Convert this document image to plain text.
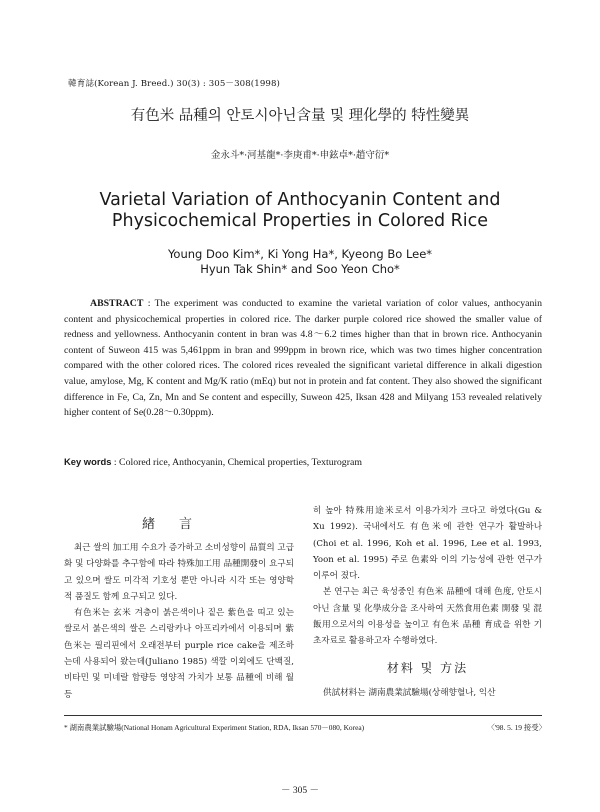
韓育誌(Korean J. Breed.) 30(3) : 305－308(1998)
有色米 品種의 안토시아닌含量 및 理化學的 特性變異
金永斗*·河基龍*·李庚甫*·申鉉卓*·趙守衍*
Varietal Variation of Anthocyanin Content and
Physicochemical Properties in Colored Rice
Young Doo Kim*, Ki Yong Ha*, Kyeong Bo Lee*
Hyun Tak Shin* and Soo Yeon Cho*
ABSTRACT : The experiment was conducted to examine the varietal variation of color values, anthocyanin content and physicochemical properties in colored rice. The darker purple colored rice showed the smaller value of redness and yellowness. Anthocyanin content in bran was 4.8～6.2 times higher than that in brown rice. Anthocyanin content of Suweon 415 was 5,461ppm in bran and 999ppm in brown rice, which was two times higher concentration compared with the other colored rices. The colored rices revealed the significant varietal difference in alkali digestion value, amylose, Mg, K content and Mg/K ratio (mEq) but not in protein and fat content. They also showed the significant difference in Fe, Ca, Zn, Mn and Se content and especilly, Suweon 425, Iksan 428 and Milyang 153 revealed relatively higher content of Se(0.28～0.30ppm).
Key words : Colored rice, Anthocyanin, Chemical properties, Texturogram
緖言

최근 쌀의 加工用 수요가 증가하고 소비성향이 品質의 고급화 및 다양화를 추구함에 따라 特殊加工用 品種開發이 요구되고 있으며 쌀도 미각적 기호성 뿐만 아니라 시각 또는 영양학적 품질도 함께 요구되고 있다.

有色米는 玄米 겨층이 붉은색이나 짙은 紫色을 띠고 있는 쌀로서 붉은색의 쌀은 스리랑카나 아프리카에서 이용되며 紫色米는 필리핀에서 오래전부터 purple rice cake을 제조하는데 사용되어 왔는데(Juliano 1985) 색깔 이외에도 단백질, 비타민 및 미네랄 함량등 영양적 가치가 보통 品種에 비해 월등

히 높아 特殊用途米로서 이용가치가 크다고 하였다(Gu & Xu 1992). 국내에서도 有色米에 관한 연구가 활발하나(Choi et al. 1996, Koh et al. 1996, Lee et al. 1993, Yoon et al. 1995) 주로 色素와 이의 기능성에 관한 연구가 이루어 졌다.

본 연구는 최근 육성중인 有色米 品種에 대해 色度, 안토시아닌 含量 및 化學成分을 조사하여 天然食用色素 開發 및 混飯用으로서의 이용성을 높이고 有色米 品種 育成을 위한 기초자료로 활용하고자 수행하였다.

材料 및 方法
供試材料는 湖南農業試驗場(상해향혈나, 익산
* 湖南農業試驗場(National Honam Agricultural Experiment Station, RDA, Iksan 570－080, Korea)	〈'98. 5. 19 接受〉
－ 305 －
